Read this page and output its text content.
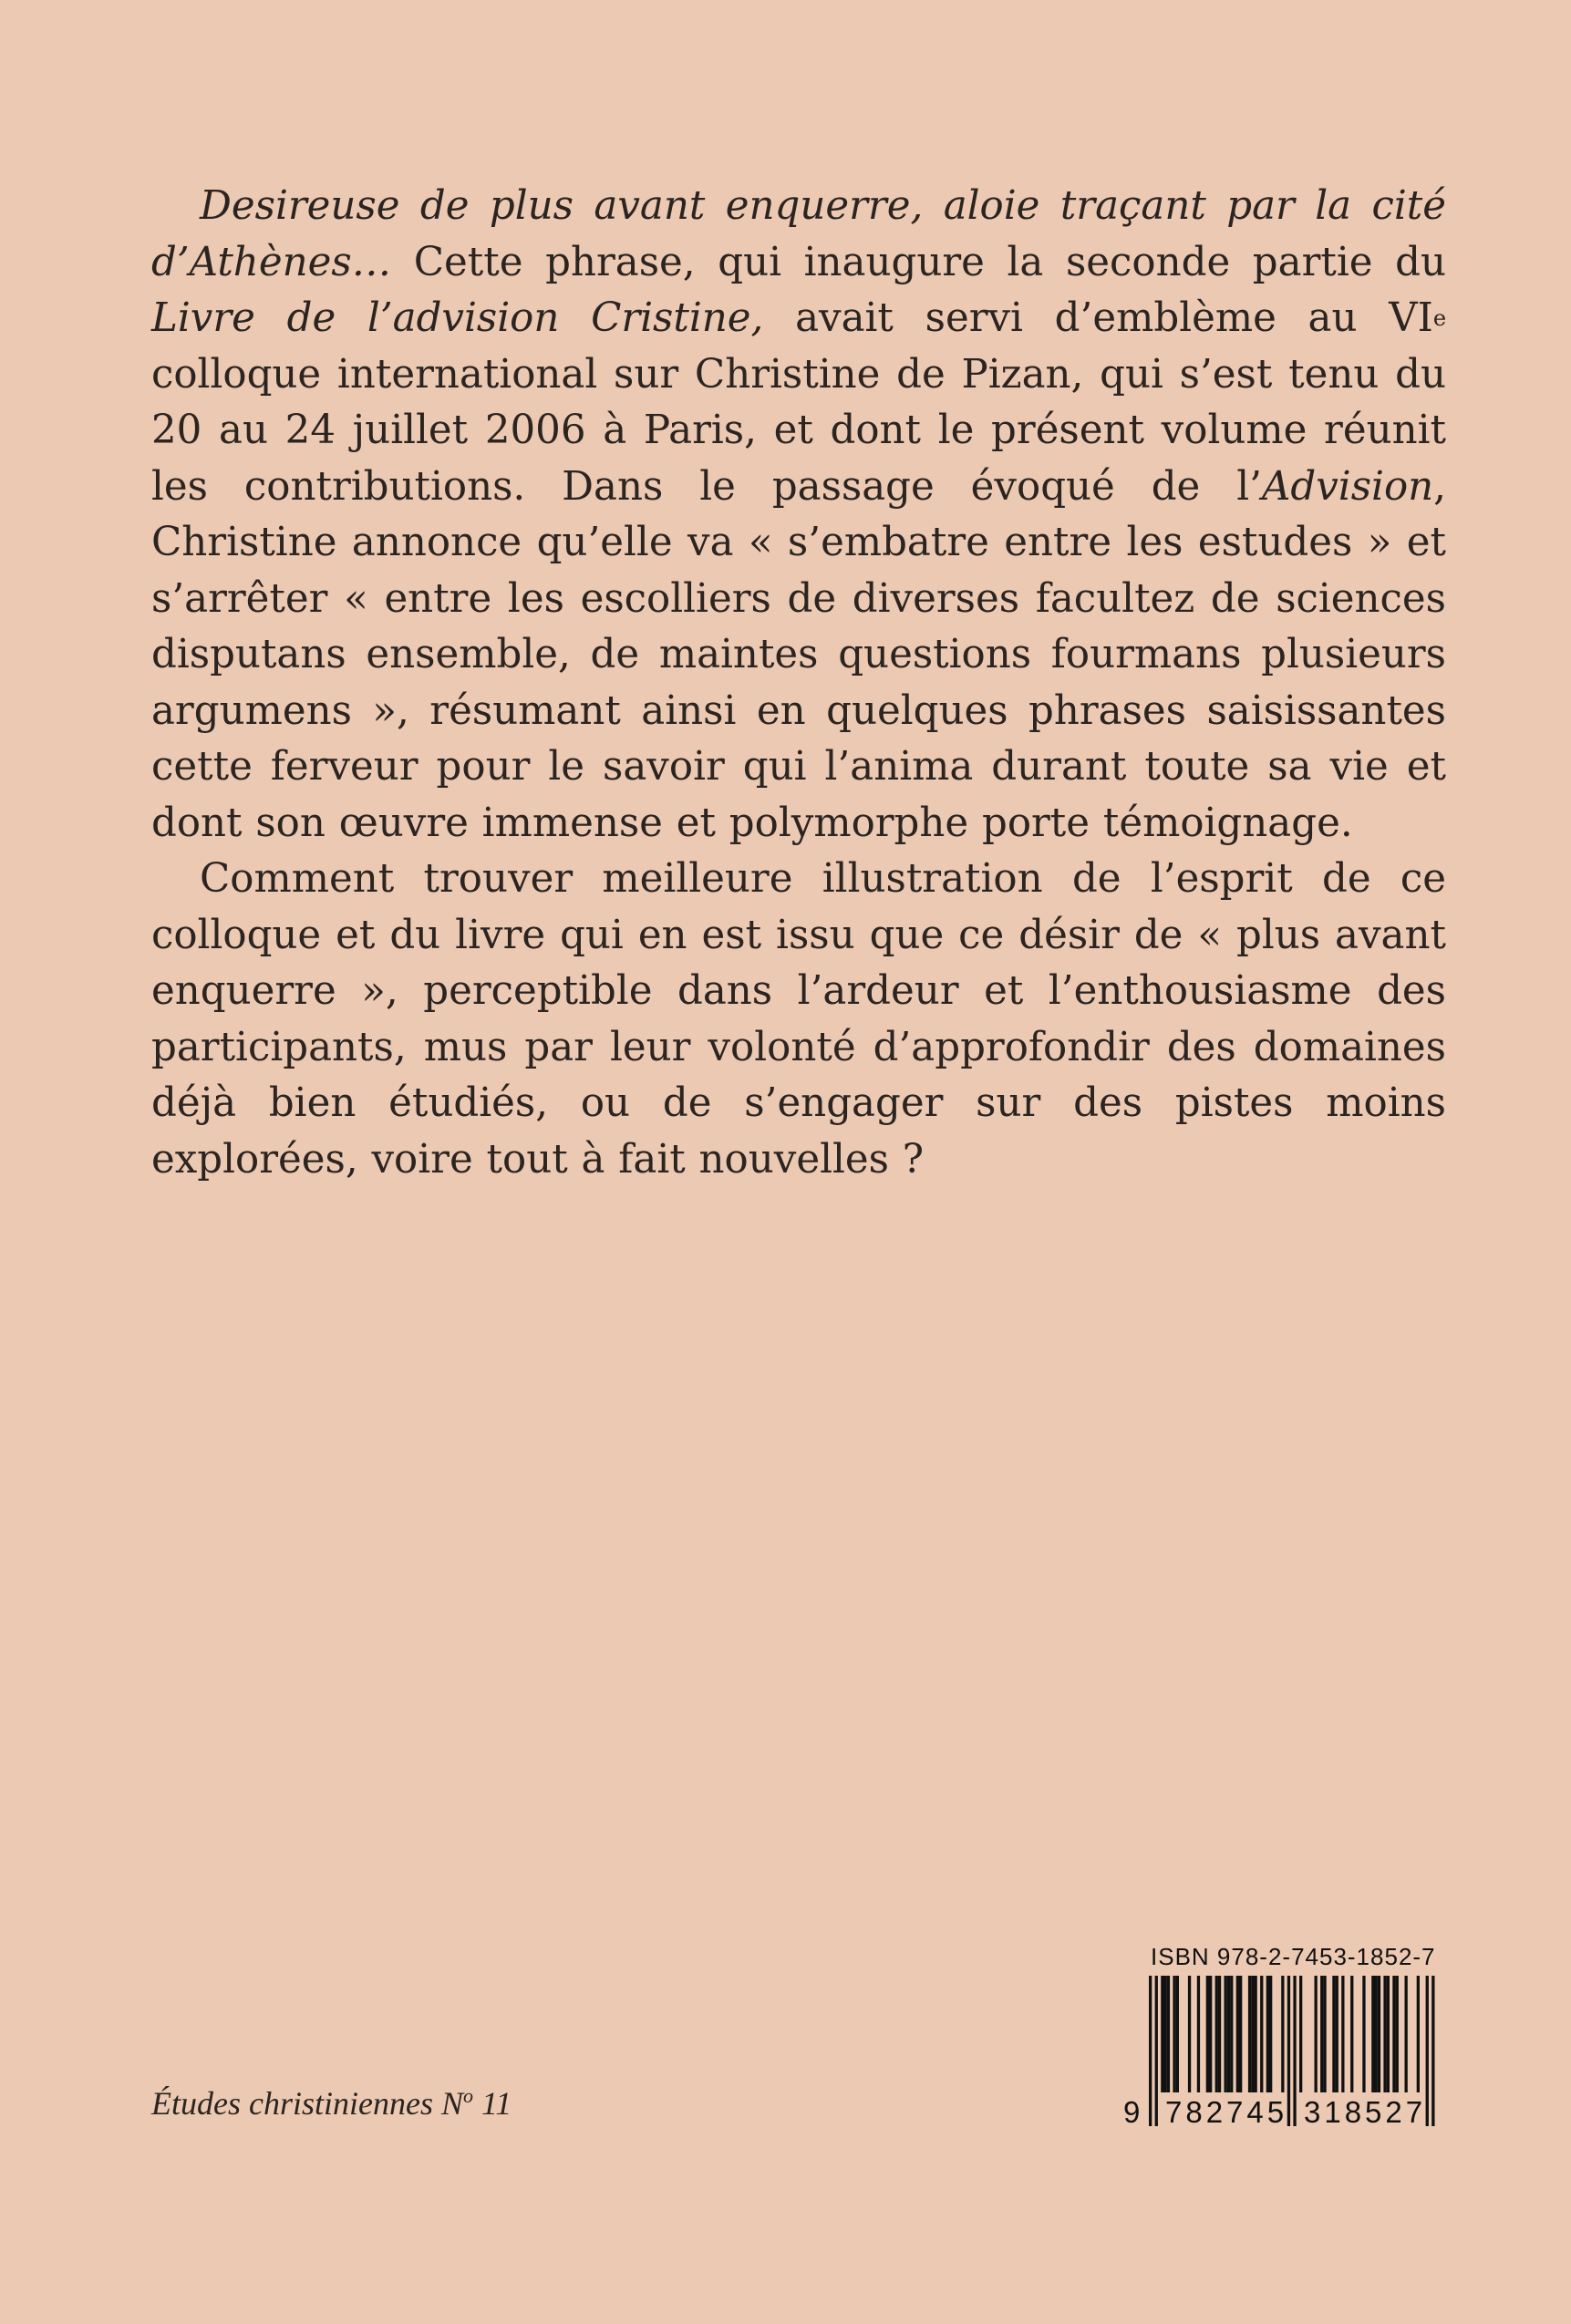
Desireuse de plus avant enquerre, aloie traçant par la cité d’Athènes… Cette phrase, qui inaugure la seconde partie du Livre de l’advision Cristine, avait servi d’emblème au VIe colloque international sur Christine de Pizan, qui s’est tenu du 20 au 24 juillet 2006 à Paris, et dont le présent volume réunit les contributions. Dans le passage évoqué de l’Advision, Christine annonce qu’elle va « s’embatre entre les estudes » et s’arrêter « entre les escolliers de diverses facultez de sciences disputans ensemble, de maintes questions fourmans plusieurs argumens », résumant ainsi en quelques phrases saisissantes cette ferveur pour le savoir qui l’anima durant toute sa vie et dont son œuvre immense et polymorphe porte témoignage.

Comment trouver meilleure illustration de l’esprit de ce colloque et du livre qui en est issu que ce désir de « plus avant enquerre », perceptible dans l’ardeur et l’enthousiasme des participants, mus par leur volonté d’approfondir des domaines déjà bien étudiés, ou de s’engager sur des pistes moins explorées, voire tout à fait nouvelles ?

Études christiniennes $N^o$ 11
ISBN 978-2-7453-1852-7
9 782745 318527
